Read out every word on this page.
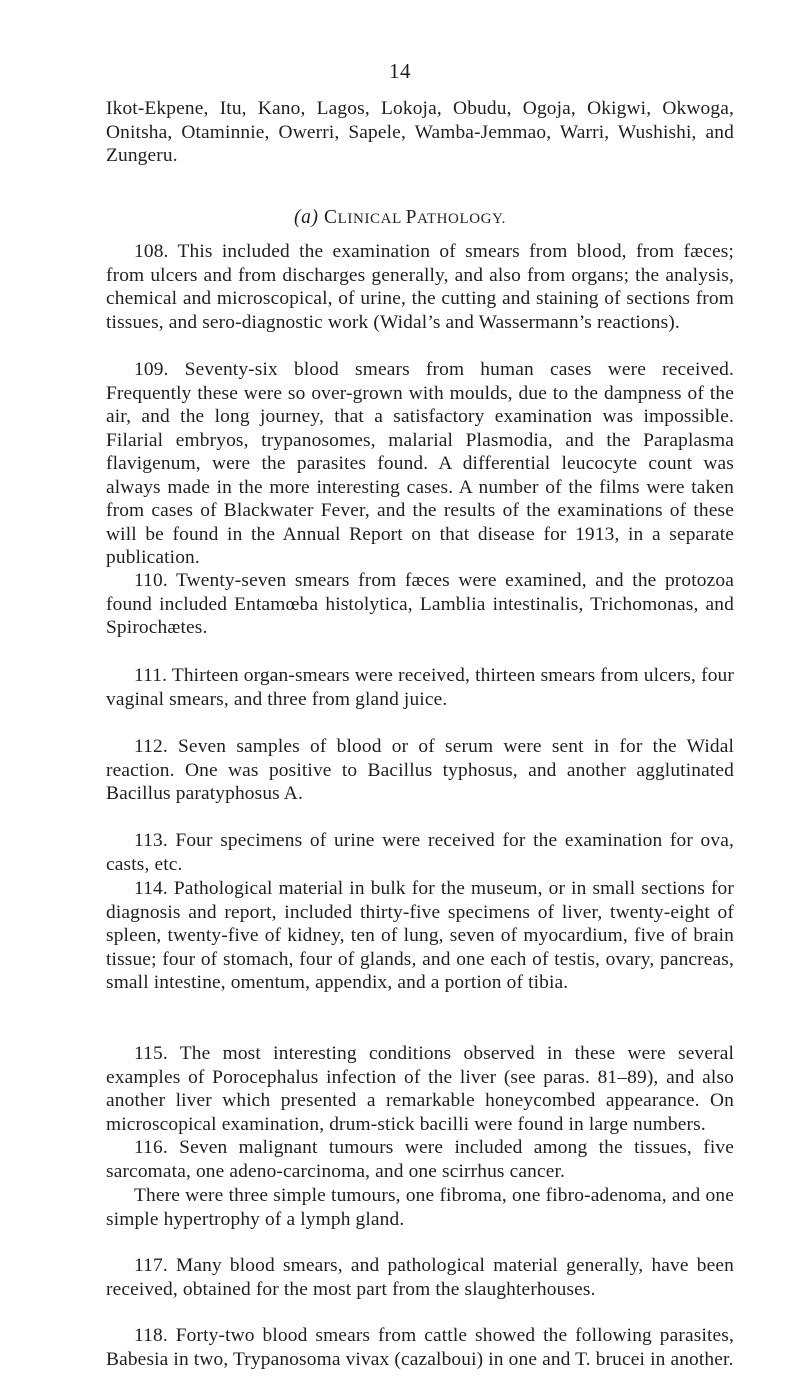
14
Ikot-Ekpene, Itu, Kano, Lagos, Lokoja, Obudu, Ogoja, Okigwi, Okwoga, Onitsha, Otaminnie, Owerri, Sapele, Wamba-Jemmao, Warri, Wushishi, and Zungeru.
(a) CLINICAL PATHOLOGY.
108. This included the examination of smears from blood, from fæces; from ulcers and from discharges generally, and also from organs; the analysis, chemical and microscopical, of urine, the cutting and staining of sections from tissues, and sero-diagnostic work (Widal’s and Wassermann’s reactions).
109. Seventy-six blood smears from human cases were received. Frequently these were so over-grown with moulds, due to the dampness of the air, and the long journey, that a satisfactory examination was impossible. Filarial embryos, trypanosomes, malarial Plasmodia, and the Paraplasma flavigenum, were the parasites found. A differential leucocyte count was always made in the more interesting cases. A number of the films were taken from cases of Blackwater Fever, and the results of the examinations of these will be found in the Annual Report on that disease for 1913, in a separate publication.
110. Twenty-seven smears from fæces were examined, and the protozoa found included Entamœba histolytica, Lamblia intestinalis, Trichomonas, and Spirochætes.
111. Thirteen organ-smears were received, thirteen smears from ulcers, four vaginal smears, and three from gland juice.
112. Seven samples of blood or of serum were sent in for the Widal reaction. One was positive to Bacillus typhosus, and another agglutinated Bacillus paratyphosus A.
113. Four specimens of urine were received for the examination for ova, casts, etc.
114. Pathological material in bulk for the museum, or in small sections for diagnosis and report, included thirty-five specimens of liver, twenty-eight of spleen, twenty-five of kidney, ten of lung, seven of myocardium, five of brain tissue; four of stomach, four of glands, and one each of testis, ovary, pancreas, small intestine, omentum, appendix, and a portion of tibia.
115. The most interesting conditions observed in these were several examples of Porocephalus infection of the liver (see paras. 81–89), and also another liver which presented a remarkable honeycombed appearance. On microscopical examination, drum-stick bacilli were found in large numbers.
116. Seven malignant tumours were included among the tissues, five sarcomata, one adeno-carcinoma, and one scirrhus cancer.
There were three simple tumours, one fibroma, one fibro-adenoma, and one simple hypertrophy of a lymph gland.
117. Many blood smears, and pathological material generally, have been received, obtained for the most part from the slaughterhouses.
118. Forty-two blood smears from cattle showed the following parasites, Babesia in two, Trypanosoma vivax (cazalboui) in one and T. brucei in another.
